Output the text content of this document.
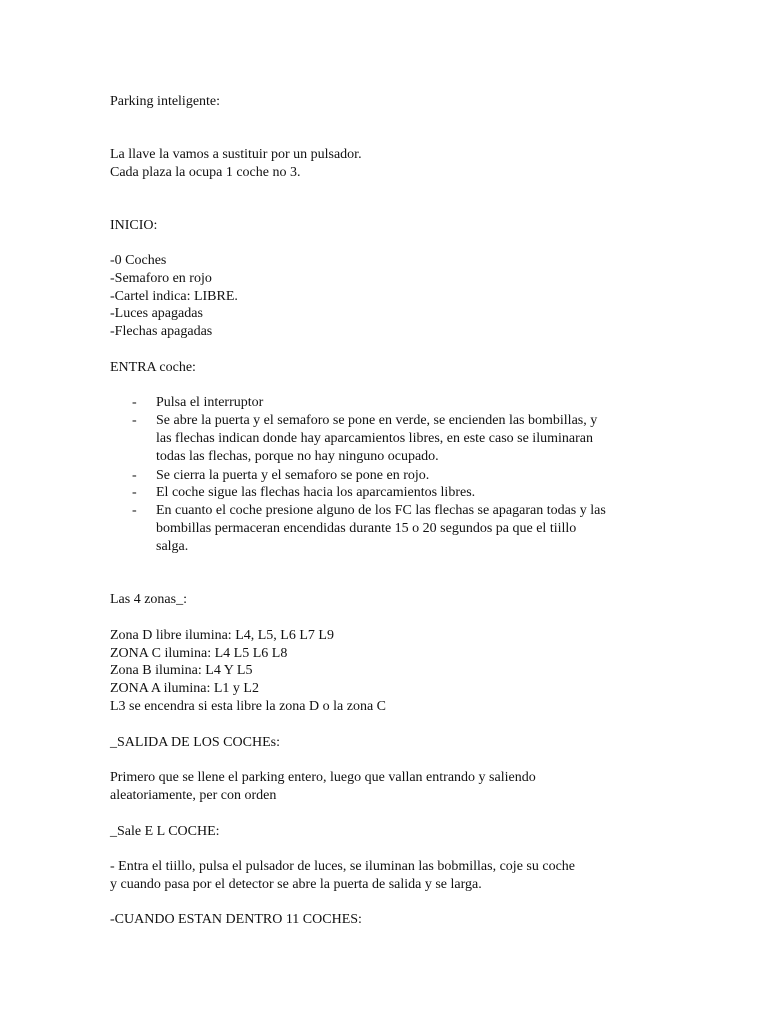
Parking inteligente:
La llave la vamos a sustituir por un pulsador.
Cada plaza la ocupa 1 coche no 3.
INICIO:
-0 Coches
-Semaforo en rojo
-Cartel indica: LIBRE.
-Luces apagadas
-Flechas apagadas
ENTRA coche:
- Pulsa el interruptor
- Se abre la puerta y el semaforo se pone en verde, se encienden las bombillas, y
las flechas indican donde hay aparcamientos libres, en este caso se iluminaran
todas las flechas, porque no hay ninguno ocupado.
- Se cierra la puerta y el semaforo se pone en rojo.
- El coche sigue las flechas hacia los aparcamientos libres.
- En cuanto el coche presione alguno de los FC las flechas se apagaran todas y las
bombillas permaceran encendidas durante 15 o 20 segundos pa que el tiillo
salga.
Las 4 zonas_:
Zona D libre ilumina: L4, L5, L6 L7 L9
ZONA C ilumina: L4 L5 L6 L8
Zona B ilumina: L4 Y L5
ZONA A ilumina: L1 y L2
L3 se encendra si esta libre la zona D o la zona C
_SALIDA DE LOS COCHEs:
Primero que se llene el parking entero, luego que vallan entrando y saliendo
aleatoriamente, per con orden
_Sale E L COCHE:
- Entra el tiillo, pulsa el pulsador de luces, se iluminan las bobmillas, coje su coche
y cuando pasa por el detector se abre la puerta de salida y se larga.
-CUANDO ESTAN DENTRO 11 COCHES:
